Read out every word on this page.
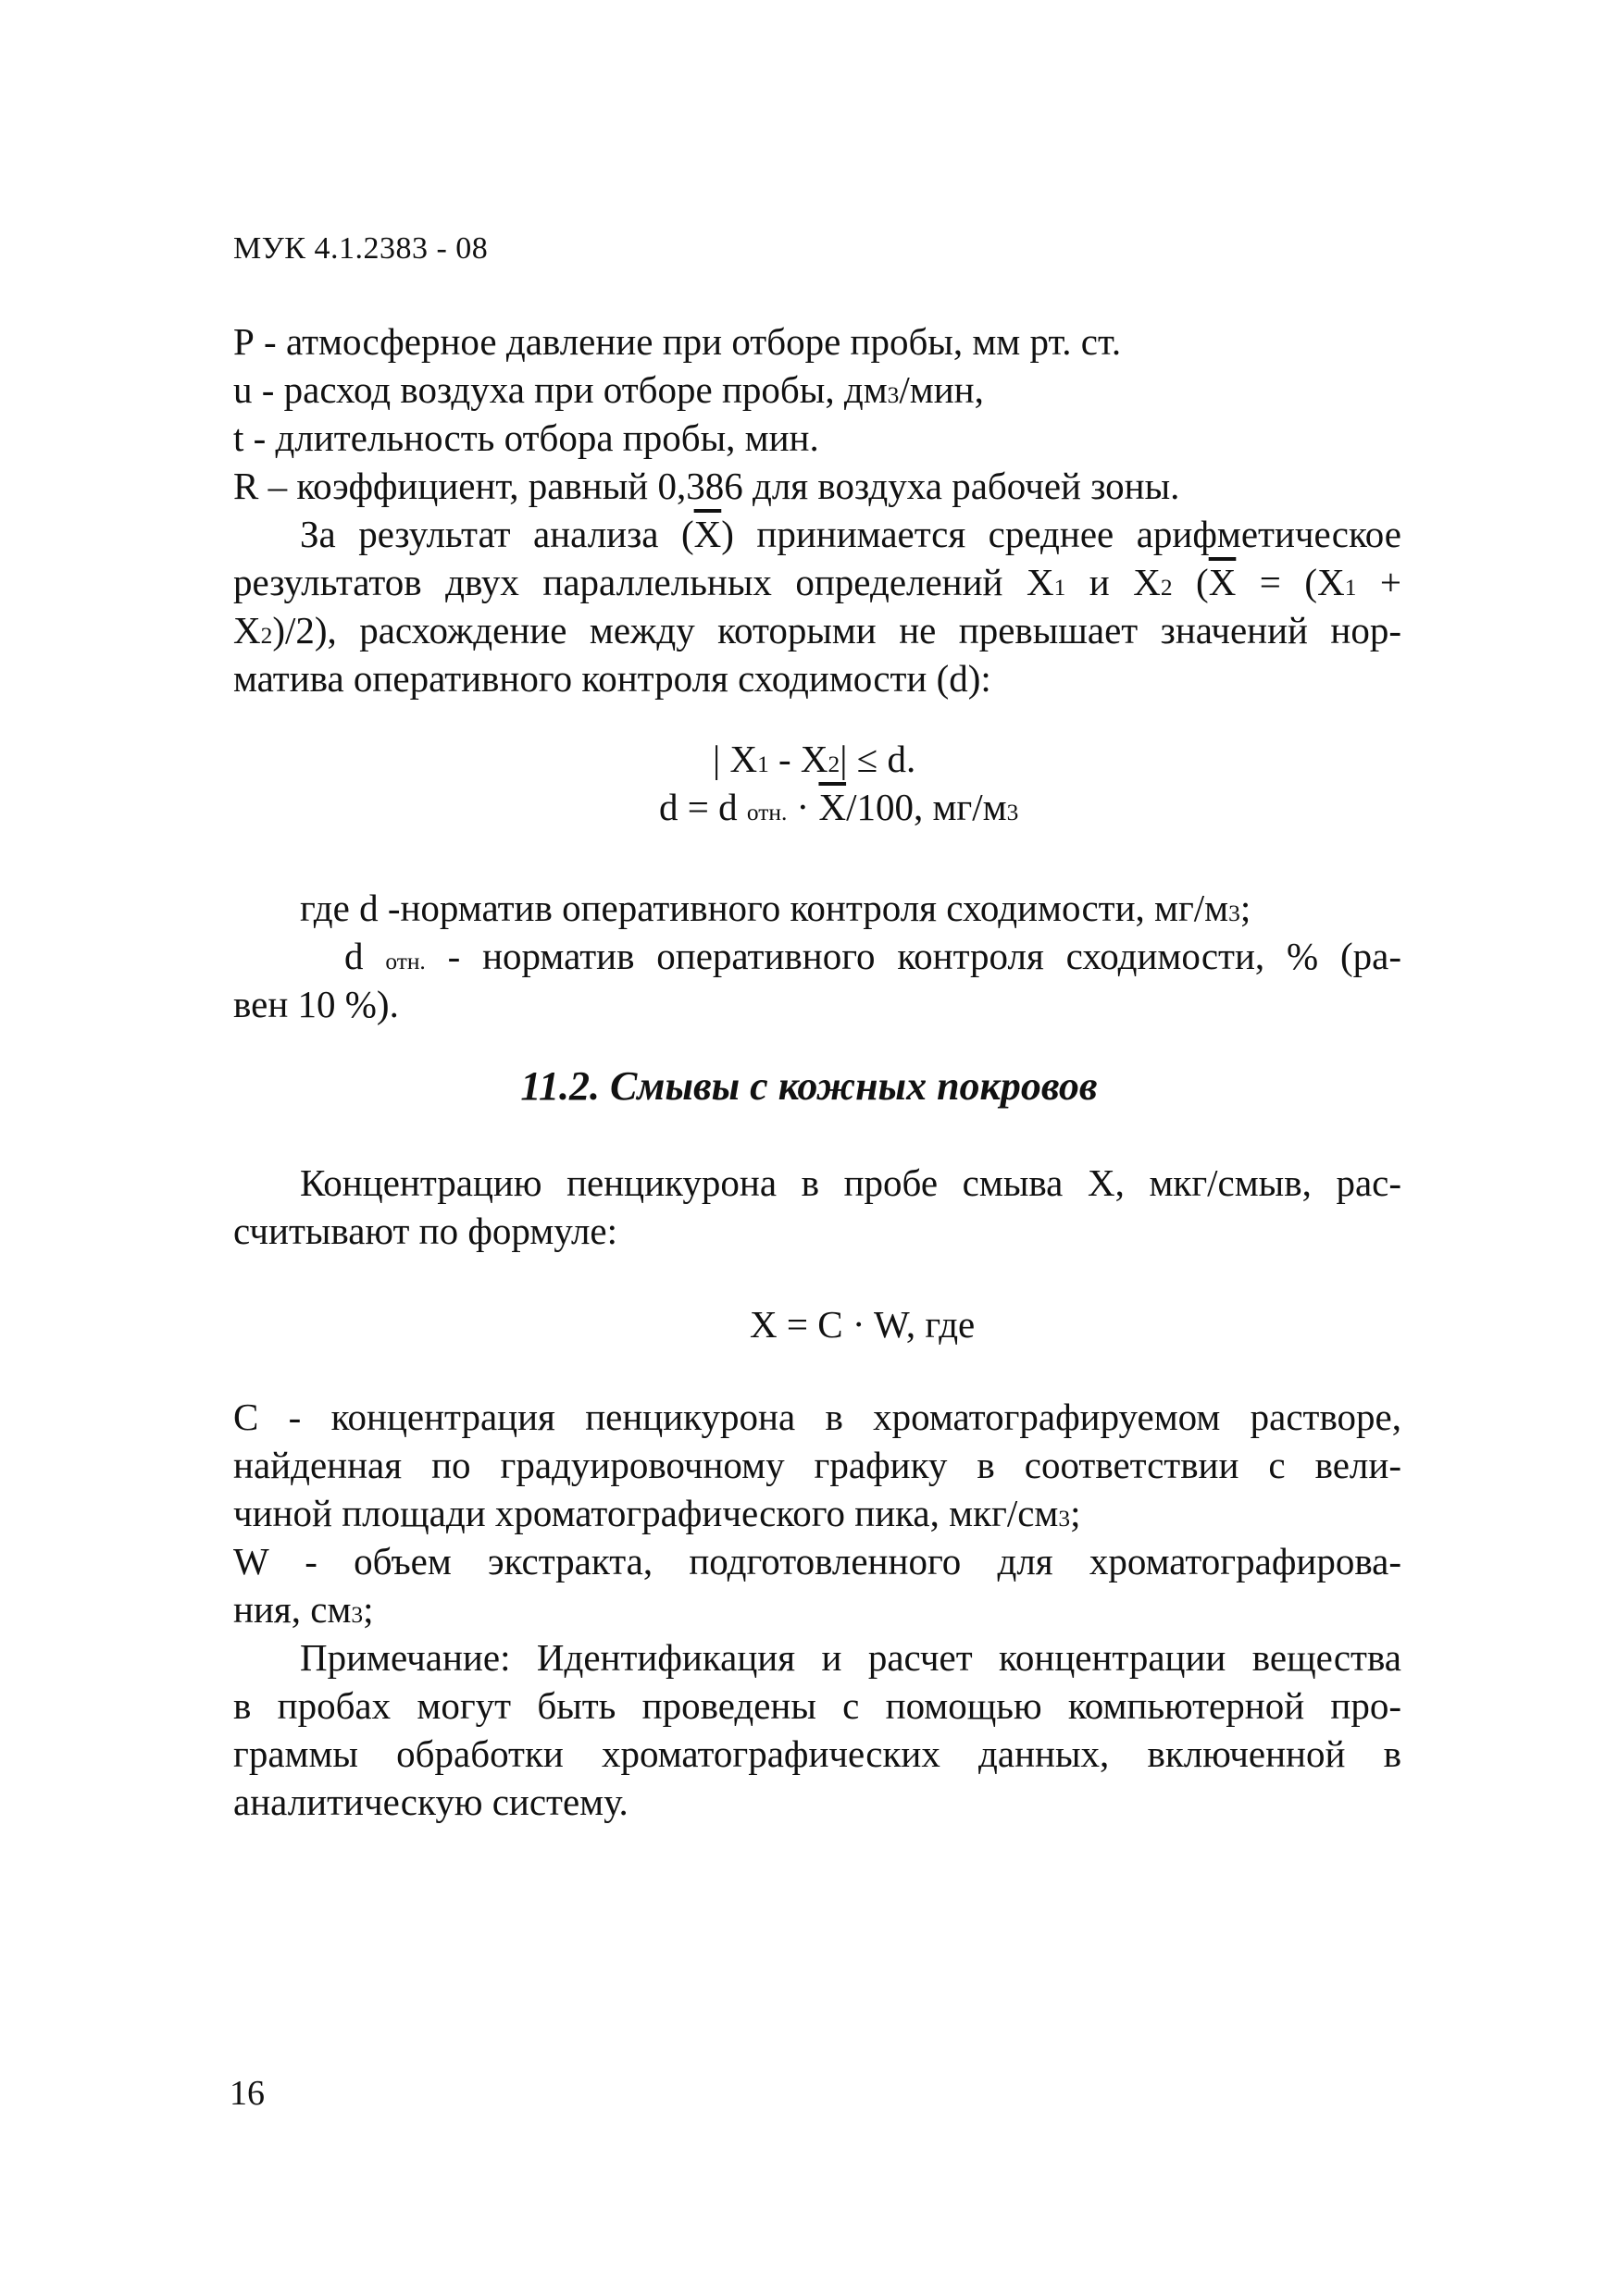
МУК 4.1.2383 - 08
Р - атмосферное давление при отборе пробы, мм рт. ст.
u - расход воздуха при отборе пробы, $дм^3$/мин,
t - длительность отбора пробы, мин.
R – коэффициент, равный 0,386 для воздуха рабочей зоны.
За результат анализа $(\overline{X})$ принимается среднее арифметическое
результатов двух параллельных определений $X_1$ и $X_2$ ($\overline{X} = (X_1$ +
$X_2)/2$), расхождение между которыми не превышает значений нор-
матива оперативного контроля сходимости (d):
| $X_1 - X_2| \le d$.
d = d $_{отн.} \cdot \overline{X}/100$, $мг/м^3$
где d -норматив оперативного контроля сходимости, $мг/м^3$;
d $_{отн.}$ - норматив оперативного контроля сходимости, % (ра-
вен 10 %).
11.2. Смывы с кожных покровов
Концентрацию пенцикурона в пробе смыва X, мкг/смыв, рас-
считывают по формуле:
X = C · W, где
C - концентрация пенцикурона в хроматографируемом растворе,
найденная по градуировочному графику в соответствии с вели-
чиной площади хроматографического пика, мкг/$см^3$;
W - объем экстракта, подготовленного для хроматографирова-
ния, $см^3$;
Примечание: Идентификация и расчет концентрации вещества
в пробах могут быть проведены с помощью компьютерной про-
граммы обработки хроматографических данных, включенной в
аналитическую систему.
16
